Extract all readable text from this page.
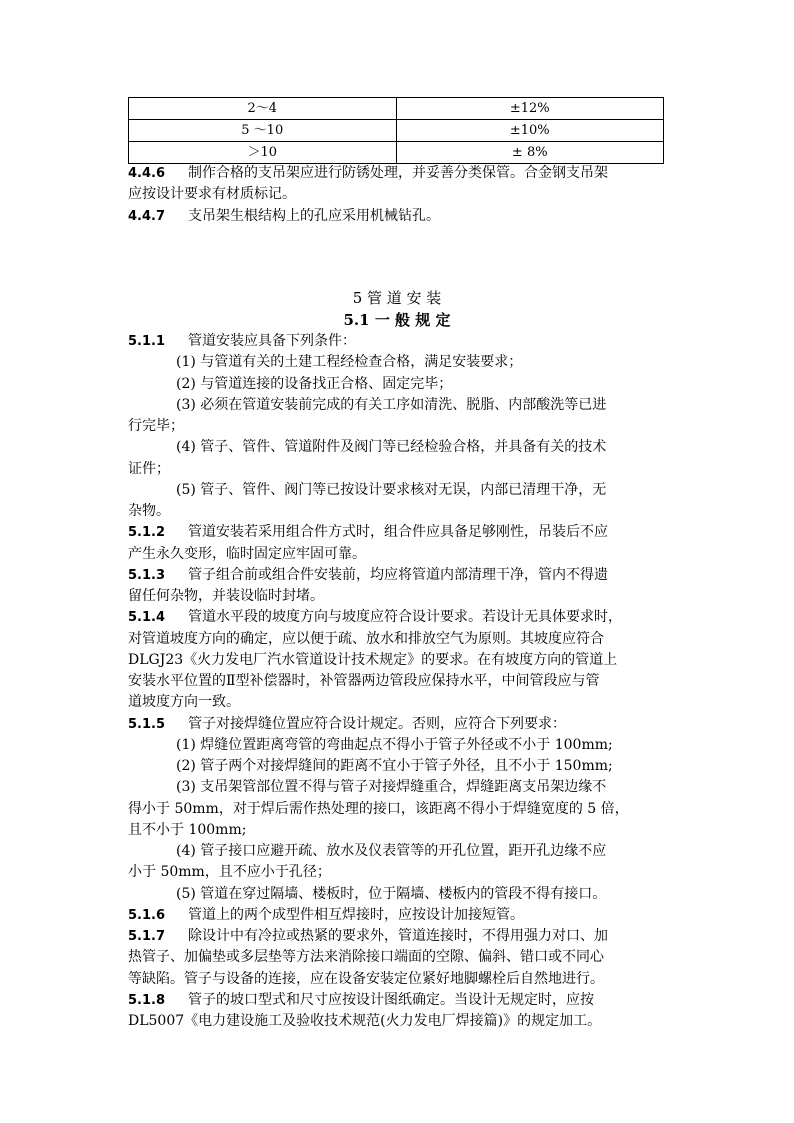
2～4	±12%
5 ～10	±10%
＞10	± 8%
4.4.6 制作合格的支吊架应进行防锈处理，并妥善分类保管。合金钢支吊架
应按设计要求有材质标记。
4.4.7 支吊架生根结构上的孔应采用机械钻孔。
5 管 道 安 装
5.1 一 般 规 定
5.1.1 管道安装应具备下列条件：
(1) 与管道有关的土建工程经检查合格，满足安装要求；
(2) 与管道连接的设备找正合格、固定完毕；
(3) 必须在管道安装前完成的有关工序如清洗、脱脂、内部酸洗等已进
行完毕；
(4) 管子、管件、管道附件及阀门等已经检验合格，并具备有关的技术
证件；
(5) 管子、管件、阀门等已按设计要求核对无误，内部已清理干净，无
杂物。
5.1.2 管道安装若采用组合件方式时，组合件应具备足够刚性，吊装后不应
产生永久变形，临时固定应牢固可靠。
5.1.3 管子组合前或组合件安装前，均应将管道内部清理干净，管内不得遗
留任何杂物，并装设临时封堵。
5.1.4 管道水平段的坡度方向与坡度应符合设计要求。若设计无具体要求时，
对管道坡度方向的确定，应以便于疏、放水和排放空气为原则。其坡度应符合
DLGJ23《火力发电厂汽水管道设计技术规定》的要求。在有坡度方向的管道上
安装水平位置的Ⅱ型补偿器时，补管器两边管段应保持水平，中间管段应与管
道坡度方向一致。
5.1.5 管子对接焊缝位置应符合设计规定。否则，应符合下列要求：
(1) 焊缝位置距离弯管的弯曲起点不得小于管子外径或不小于 100mm;
(2) 管子两个对接焊缝间的距离不宜小于管子外径，且不小于 150mm;
(3) 支吊架管部位置不得与管子对接焊缝重合，焊缝距离支吊架边缘不
得小于 50mm，对于焊后需作热处理的接口，该距离不得小于焊缝宽度的 5 倍，
且不小于 100mm;
(4) 管子接口应避开疏、放水及仪表管等的开孔位置，距开孔边缘不应
小于 50mm，且不应小于孔径；
(5) 管道在穿过隔墙、楼板时，位于隔墙、楼板内的管段不得有接口。
5.1.6 管道上的两个成型件相互焊接时，应按设计加接短管。
5.1.7 除设计中有冷拉或热紧的要求外，管道连接时，不得用强力对口、加
热管子、加偏垫或多层垫等方法来消除接口端面的空隙、偏斜、错口或不同心
等缺陷。管子与设备的连接，应在设备安装定位紧好地脚螺栓后自然地进行。
5.1.8 管子的坡口型式和尺寸应按设计图纸确定。当设计无规定时，应按
DL5007《电力建设施工及验收技术规范(火力发电厂焊接篇)》的规定加工。
